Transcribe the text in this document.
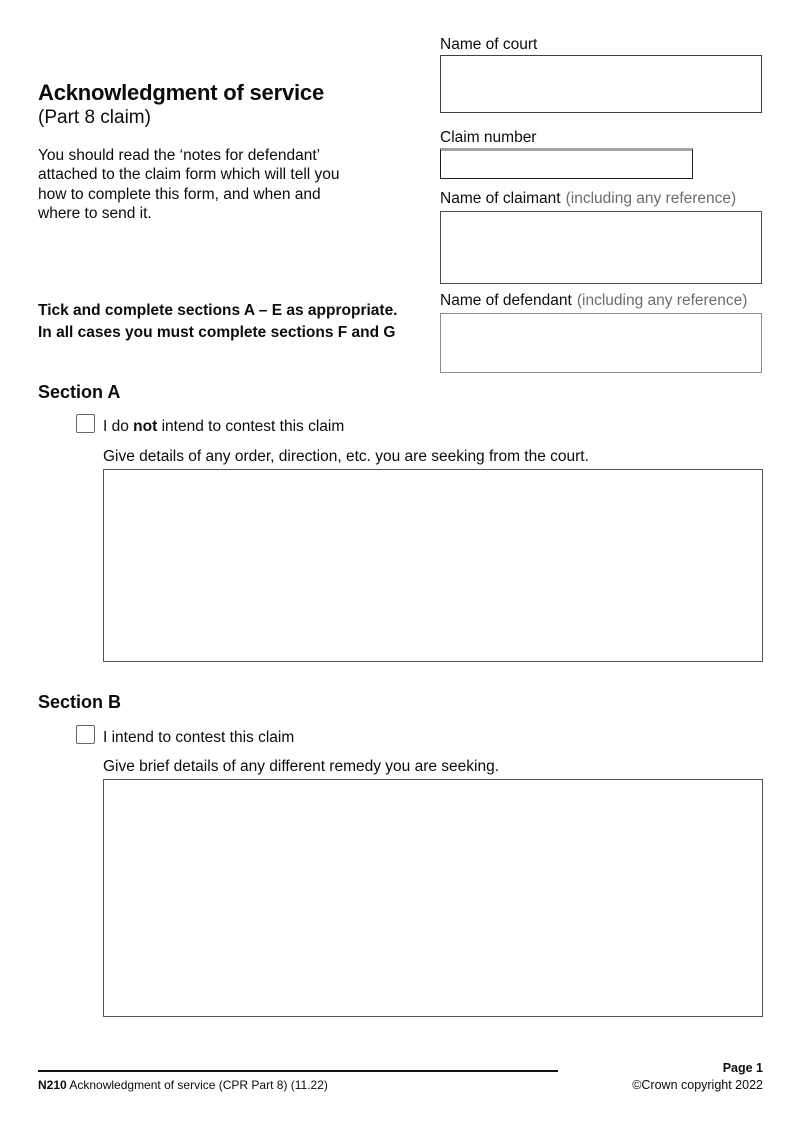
Acknowledgment of service
(Part 8 claim)
You should read the ‘notes for defendant’
attached to the claim form which will tell you
how to complete this form, and when and
where to send it.
Tick and complete sections A – E as appropriate.
In all cases you must complete sections F and G
Name of court
Claim number
Name of claimant (including any reference)
Name of defendant (including any reference)
Section A
I do not intend to contest this claim
Give details of any order, direction, etc. you are seeking from the court.
Section B
I intend to contest this claim
Give brief details of any different remedy you are seeking.
N210 Acknowledgment of service (CPR Part 8) (11.22)
Page 1
©Crown copyright 2022
